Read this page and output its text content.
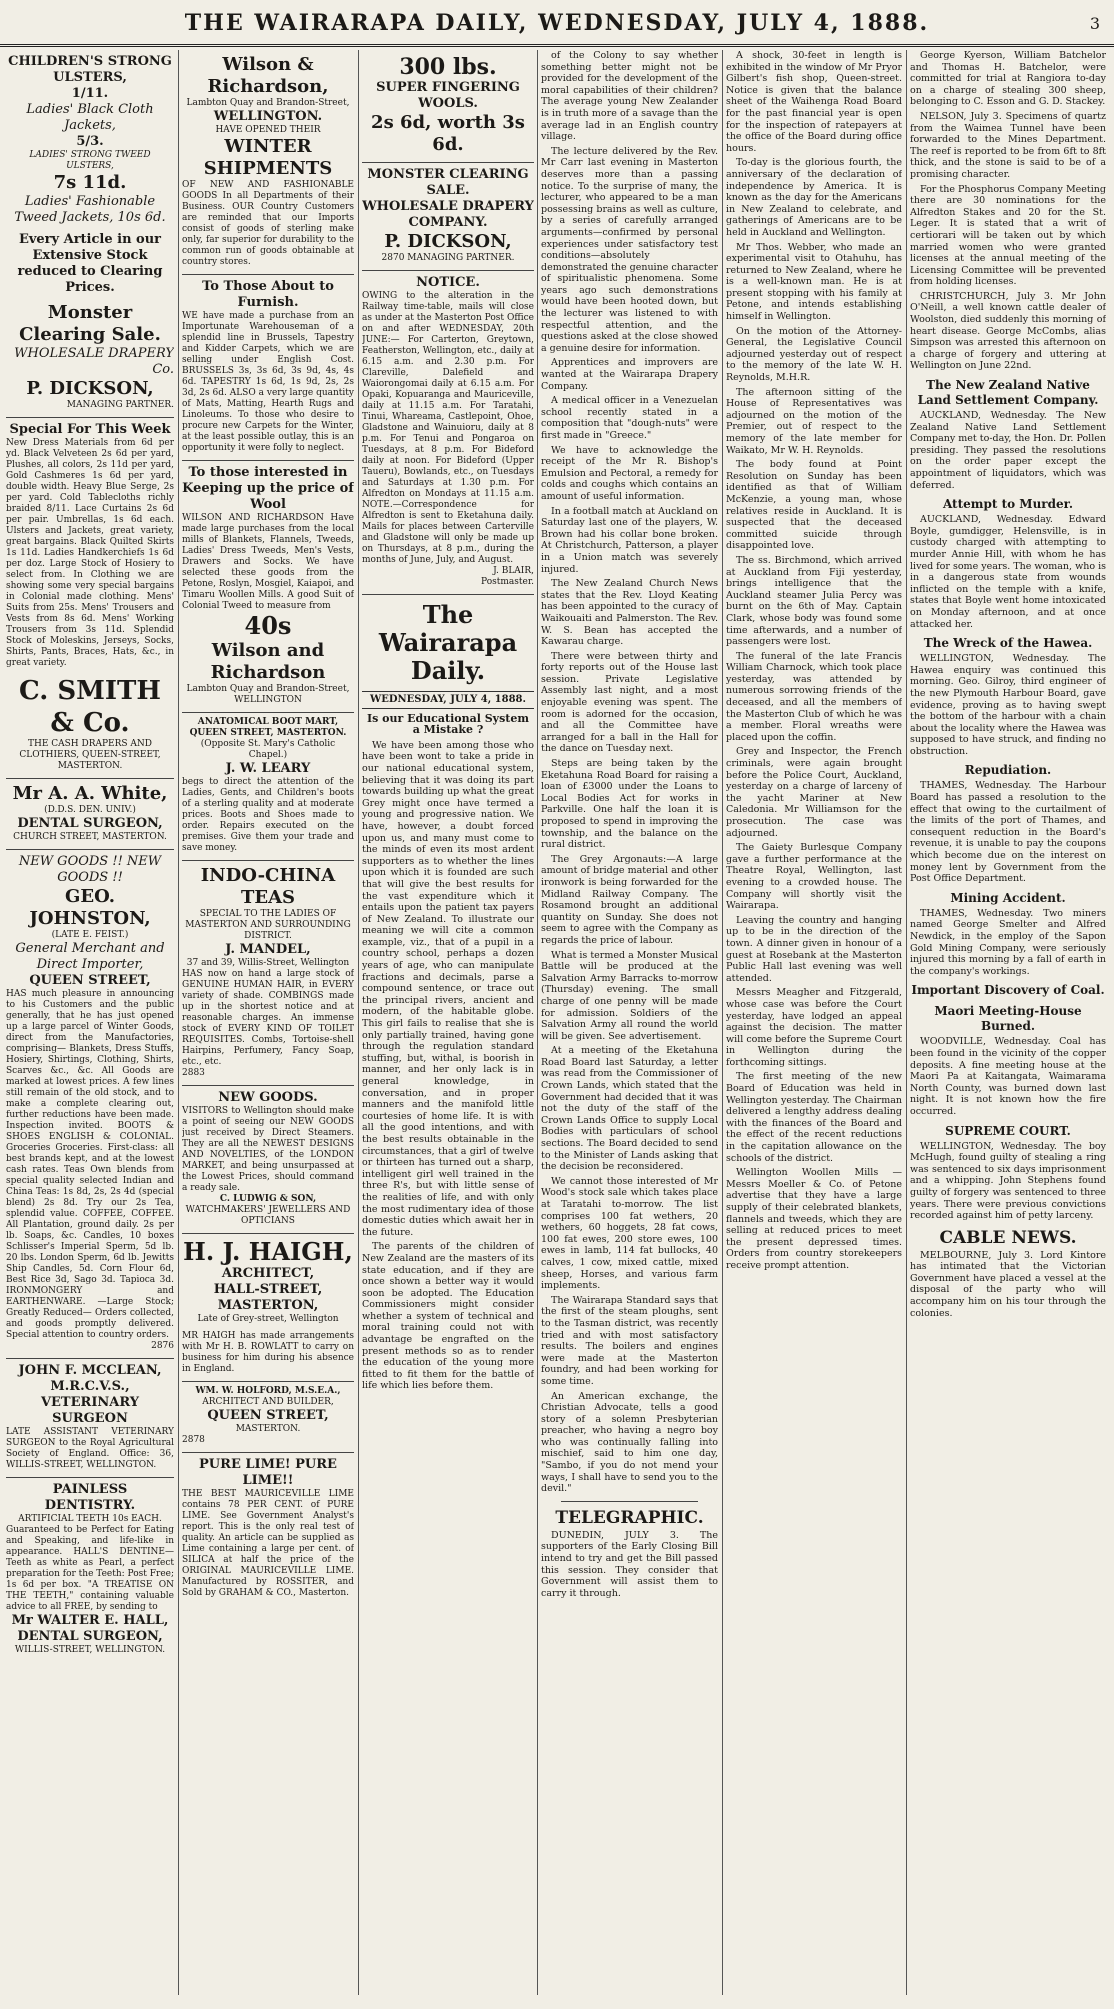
THE WAIRARAPA DAILY, WEDNESDAY, JULY 4, 1888.	3
CHILDREN'S STRONG ULSTERS,
1/11.
Ladies' Black Cloth Jackets,
5/3.
LADIES' STRONG TWEED ULSTERS,
7s 11d.
Ladies' Fashionable Tweed Jackets, 10s 6d.
Every Article in our Extensive Stock reduced to Clearing Prices.
Monster Clearing Sale.
WHOLESALE DRAPERY Co.
P. DICKSON,
MANAGING PARTNER.
Special For This Week
New Dress Materials from 6d per yd. Black Velveteen 2s 6d per yard, Plushes, all colors, 2s 11d per yard, Gold Cashmeres 1s 6d per yard, double width. Heavy Blue Serge, 2s per yard. Cold Tablecloths richly braided 8/11. Lace Curtains 2s 6d per pair. Umbrellas, 1s 6d each. Ulsters and Jackets, great variety, great bargains. Black Quilted Skirts 1s 11d. Ladies Handkerchiefs 1s 6d per doz. Large Stock of Hosiery to select from. In Clothing we are showing some very special bargains in Colonial made clothing. Mens' Suits from 25s. Mens' Trousers and Vests from 8s 6d. Mens' Working Trousers from 3s 11d. Splendid Stock of Moleskins, Jerseys, Socks, Shirts, Pants, Braces, Hats, &c., in great variety.
C. SMITH & Co.
THE CASH DRAPERS AND CLOTHIERS, QUEEN-STREET, MASTERTON.
Mr A. A. White,
(D.D.S. DEN. UNIV.)
DENTAL SURGEON,
CHURCH STREET, MASTERTON.
NEW GOODS !! NEW GOODS !!
GEO. JOHNSTON,
(LATE E. FEIST.)
General Merchant and Direct Importer,
QUEEN STREET,
HAS much pleasure in announcing to his Customers and the public generally, that he has just opened up a large parcel of Winter Goods, direct from the Manufactories, comprising— Blankets, Dress Stuffs, Hosiery, Shirtings, Clothing, Shirts, Scarves &c., &c. All Goods are marked at lowest prices. A few lines still remain of the old stock, and to make a complete clearing out, further reductions have been made. Inspection invited. BOOTS & SHOES ENGLISH & COLONIAL. Groceries Groceries. First-class: all best brands kept, and at the lowest cash rates. Teas Own blends from special quality selected Indian and China Teas: 1s 8d, 2s, 2s 4d (special blend) 2s 8d. Try our 2s Tea, splendid value. COFFEE, COFFEE. All Plantation, ground daily. 2s per lb. Soaps, &c. Candles, 10 boxes Schlisser's Imperial Sperm, 5d lb. 20 lbs. London Sperm, 6d lb. Jewitts Ship Candles, 5d. Corn Flour 6d, Best Rice 3d, Sago 3d. Tapioca 3d. IRONMONGERY and EARTHENWARE. —Large Stock; Greatly Reduced— Orders collected, and goods promptly delivered. Special attention to country orders.
2876
JOHN F. MCCLEAN, M.R.C.V.S.,
VETERINARY SURGEON
LATE ASSISTANT VETERINARY SURGEON to the Royal Agricultural Society of England. Office: 36, WILLIS-STREET, WELLINGTON.
PAINLESS DENTISTRY.
ARTIFICIAL TEETH 10s EACH.
Guaranteed to be Perfect for Eating and Speaking, and life-like in appearance. HALL'S DENTINE—Teeth as white as Pearl, a perfect preparation for the Teeth: Post Free; 1s 6d per box. "A TREATISE ON THE TEETH," containing valuable advice to all FREE, by sending to
Mr WALTER E. HALL,
DENTAL SURGEON,
WILLIS-STREET, WELLINGTON.
Wilson & Richardson,
Lambton Quay and Brandon-Street,
WELLINGTON.
HAVE OPENED THEIR
WINTER SHIPMENTS
OF NEW AND FASHIONABLE GOODS In all Departments of their Business. OUR Country Customers are reminded that our Imports consist of goods of sterling make only, far superior for durability to the common run of goods obtainable at country stores.
To Those About to Furnish.
WE have made a purchase from an Importunate Warehouseman of a splendid line in Brussels, Tapestry and Kidder Carpets, which we are selling under English Cost. BRUSSELS 3s, 3s 6d, 3s 9d, 4s, 4s 6d. TAPESTRY 1s 6d, 1s 9d, 2s, 2s 3d, 2s 6d. ALSO a very large quantity of Mats, Matting, Hearth Rugs and Linoleums. To those who desire to procure new Carpets for the Winter, at the least possible outlay, this is an opportunity it were folly to neglect.
To those interested in Keeping up the price of Wool
WILSON AND RICHARDSON Have made large purchases from the local mills of Blankets, Flannels, Tweeds, Ladies' Dress Tweeds, Men's Vests, Drawers and Socks. We have selected these goods from the Petone, Roslyn, Mosgiel, Kaiapoi, and Timaru Woollen Mills. A good Suit of Colonial Tweed to measure from
40s
Wilson and Richardson
Lambton Quay and Brandon-Street,
WELLINGTON
ANATOMICAL BOOT MART, QUEEN STREET, MASTERTON.
(Opposite St. Mary's Catholic Chapel.)
J. W. LEARY
begs to direct the attention of the Ladies, Gents, and Children's boots of a sterling quality and at moderate prices. Boots and Shoes made to order. Repairs executed on the premises. Give them your trade and save money.
INDO-CHINA TEAS
SPECIAL TO THE LADIES OF MASTERTON AND SURROUNDING DISTRICT.
J. MANDEL,
37 and 39, Willis-Street, Wellington
HAS now on hand a large stock of GENUINE HUMAN HAIR, in EVERY variety of shade. COMBINGS made up in the shortest notice and at reasonable charges. An immense stock of EVERY KIND OF TOILET REQUISITES. Combs, Tortoise-shell Hairpins, Perfumery, Fancy Soap, etc., etc.
2883
NEW GOODS.
VISITORS to Wellington should make a point of seeing our NEW GOODS just received by Direct Steamers. They are all the NEWEST DESIGNS AND NOVELTIES, of the LONDON MARKET, and being unsurpassed at the Lowest Prices, should command a ready sale.
C. LUDWIG & SON,
WATCHMAKERS' JEWELLERS AND OPTICIANS
H. J. HAIGH,
ARCHITECT,
HALL-STREET, MASTERTON,
Late of Grey-street, Wellington
MR HAIGH has made arrangements with Mr H. B. ROWLATT to carry on business for him during his absence in England.
WM. W. HOLFORD, M.S.E.A.,
ARCHITECT AND BUILDER,
QUEEN STREET,
MASTERTON.
2878
PURE LIME! PURE LIME!!
THE BEST MAURICEVILLE LIME contains 78 PER CENT. of PURE LIME. See Government Analyst's report. This is the only real test of quality. An article can be supplied as Lime containing a large per cent. of SILICA at half the price of the ORIGINAL MAURICEVILLE LIME. Manufactured by ROSSITER, and Sold by GRAHAM & CO., Masterton.
300 lbs.
SUPER FINGERING WOOLS.
2s 6d, worth 3s 6d.
MONSTER CLEARING SALE.
WHOLESALE DRAPERY COMPANY.
P. DICKSON,
2870 MANAGING PARTNER.
NOTICE.
OWING to the alteration in the Railway time-table, mails will close as under at the Masterton Post Office on and after WEDNESDAY, 20th JUNE:— For Carterton, Greytown, Featherston, Wellington, etc., daily at 6.15 a.m. and 2.30 p.m. For Clareville, Dalefield and Waiorongomai daily at 6.15 a.m. For Opaki, Kopuaranga and Mauriceville, daily at 11.15 a.m. For Taratahi, Tinui, Whareama, Castlepoint, Ohoe, Gladstone and Wainuioru, daily at 8 p.m. For Tenui and Pongaroa on Tuesdays, at 8 p.m. For Bideford daily at noon. For Bideford (Upper Taueru), Bowlands, etc., on Tuesdays and Saturdays at 1.30 p.m. For Alfredton on Mondays at 11.15 a.m. NOTE.—Correspondence for Alfredton is sent to Eketahuna daily. Mails for places between Carterville and Gladstone will only be made up on Thursdays, at 8 p.m., during the months of June, July, and August.
J. BLAIR,
Postmaster.
The Wairarapa Daily.
WEDNESDAY, JULY 4, 1888.
Is our Educational System a Mistake ?
We have been among those who have been wont to take a pride in our national educational system, believing that it was doing its part towards building up what the great Grey might once have termed a young and progressive nation. We have, however, a doubt forced upon us, and many must come to the minds of even its most ardent supporters as to whether the lines upon which it is founded are such that will give the best results for the vast expenditure which it entails upon the patient tax payers of New Zealand. To illustrate our meaning we will cite a common example, viz., that of a pupil in a country school, perhaps a dozen years of age, who can manipulate fractions and decimals, parse a compound sentence, or trace out the principal rivers, ancient and modern, of the habitable globe. This girl fails to realise that she is only partially trained, having gone through the regulation standard stuffing, but, withal, is boorish in manner, and her only lack is in general knowledge, in conversation, and in proper manners and the manifold little courtesies of home life. It is with all the good intentions, and with the best results obtainable in the circumstances, that a girl of twelve or thirteen has turned out a sharp, intelligent girl well trained in the three R's, but with little sense of the realities of life, and with only the most rudimentary idea of those domestic duties which await her in the future.
The parents of the children of New Zealand are the masters of its state education, and if they are once shown a better way it would soon be adopted. The Education Commissioners might consider whether a system of technical and moral training could not with advantage be engrafted on the present methods so as to render the education of the young more fitted to fit them for the battle of life which lies before them.
of the Colony to say whether something better might not be provided for the development of the moral capabilities of their children? The average young New Zealander is in truth more of a savage than the average lad in an English country village.
The lecture delivered by the Rev. Mr Carr last evening in Masterton deserves more than a passing notice. To the surprise of many, the lecturer, who appeared to be a man possessing brains as well as culture, by a series of carefully arranged arguments—confirmed by personal experiences under satisfactory test conditions—absolutely demonstrated the genuine character of spiritualistic phenomena. Some years ago such demonstrations would have been hooted down, but the lecturer was listened to with respectful attention, and the questions asked at the close showed a genuine desire for information.
Apprentices and improvers are wanted at the Wairarapa Drapery Company.
A medical officer in a Venezuelan school recently stated in a composition that "dough-nuts" were first made in "Greece."
We have to acknowledge the receipt of the Mr R. Bishop's Emulsion and Pectoral, a remedy for colds and coughs which contains an amount of useful information.
In a football match at Auckland on Saturday last one of the players, W. Brown had his collar bone broken. At Christchurch, Patterson, a player in a Union match was severely injured.
The New Zealand Church News states that the Rev. Lloyd Keating has been appointed to the curacy of Waikouaiti and Palmerston. The Rev. W. S. Bean has accepted the Kawarau charge.
There were between thirty and forty reports out of the House last session. Private Legislative Assembly last night, and a most enjoyable evening was spent. The room is adorned for the occasion, and all the Committee have arranged for a ball in the Hall for the dance on Tuesday next.
Steps are being taken by the Eketahuna Road Board for raising a loan of £3000 under the Loans to Local Bodies Act for works in Parkville. One half the loan it is proposed to spend in improving the township, and the balance on the rural district.
The Grey Argonauts:—A large amount of bridge material and other ironwork is being forwarded for the Midland Railway Company. The Rosamond brought an additional quantity on Sunday. She does not seem to agree with the Company as regards the price of labour.
What is termed a Monster Musical Battle will be produced at the Salvation Army Barracks to-morrow (Thursday) evening. The small charge of one penny will be made for admission. Soldiers of the Salvation Army all round the world will be given. See advertisement.
At a meeting of the Eketahuna Road Board last Saturday, a letter was read from the Commissioner of Crown Lands, which stated that the Government had decided that it was not the duty of the staff of the Crown Lands Office to supply Local Bodies with particulars of school sections. The Board decided to send to the Minister of Lands asking that the decision be reconsidered.
We cannot those interested of Mr Wood's stock sale which takes place at Taratahi to-morrow. The list comprises 100 fat wethers, 20 wethers, 60 hoggets, 28 fat cows, 100 fat ewes, 200 store ewes, 100 ewes in lamb, 114 fat bullocks, 40 calves, 1 cow, mixed cattle, mixed sheep, Horses, and various farm implements.
The Wairarapa Standard says that the first of the steam ploughs, sent to the Tasman district, was recently tried and with most satisfactory results. The boilers and engines were made at the Masterton foundry, and had been working for some time.
An American exchange, the Christian Advocate, tells a good story of a solemn Presbyterian preacher, who having a negro boy who was continually falling into mischief, said to him one day, "Sambo, if you do not mend your ways, I shall have to send you to the devil."
TELEGRAPHIC.
DUNEDIN, JULY 3. The supporters of the Early Closing Bill intend to try and get the Bill passed this session. They consider that Government will assist them to carry it through.
A shock, 30-feet in length is exhibited in the window of Mr Pryor Gilbert's fish shop, Queen-street. Notice is given that the balance sheet of the Waihenga Road Board for the past financial year is open for the inspection of ratepayers at the office of the Board during office hours.
To-day is the glorious fourth, the anniversary of the declaration of independence by America. It is known as the day for the Americans in New Zealand to celebrate, and gatherings of Americans are to be held in Auckland and Wellington.
Mr Thos. Webber, who made an experimental visit to Otahuhu, has returned to New Zealand, where he is a well-known man. He is at present stopping with his family at Petone, and intends establishing himself in Wellington.
On the motion of the Attorney-General, the Legislative Council adjourned yesterday out of respect to the memory of the late W. H. Reynolds, M.H.R.
The afternoon sitting of the House of Representatives was adjourned on the motion of the Premier, out of respect to the memory of the late member for Waikato, Mr W. H. Reynolds.
The body found at Point Resolution on Sunday has been identified as that of William McKenzie, a young man, whose relatives reside in Auckland. It is suspected that the deceased committed suicide through disappointed love.
The ss. Birchmond, which arrived at Auckland from Fiji yesterday, brings intelligence that the Auckland steamer Julia Percy was burnt on the 6th of May. Captain Clark, whose body was found some time afterwards, and a number of passengers were lost.
The funeral of the late Francis William Charnock, which took place yesterday, was attended by numerous sorrowing friends of the deceased, and all the members of the Masterton Club of which he was a member. Floral wreaths were placed upon the coffin.
Grey and Inspector, the French criminals, were again brought before the Police Court, Auckland, yesterday on a charge of larceny of the yacht Mariner at New Caledonia. Mr Williamson for the prosecution. The case was adjourned.
The Gaiety Burlesque Company gave a further performance at the Theatre Royal, Wellington, last evening to a crowded house. The Company will shortly visit the Wairarapa.
Leaving the country and hanging up to be in the direction of the town. A dinner given in honour of a guest at Rosebank at the Masterton Public Hall last evening was well attended.
Messrs Meagher and Fitzgerald, whose case was before the Court yesterday, have lodged an appeal against the decision. The matter will come before the Supreme Court in Wellington during the forthcoming sittings.
The first meeting of the new Board of Education was held in Wellington yesterday. The Chairman delivered a lengthy address dealing with the finances of the Board and the effect of the recent reductions in the capitation allowance on the schools of the district.
Wellington Woollen Mills — Messrs Moeller & Co. of Petone advertise that they have a large supply of their celebrated blankets, flannels and tweeds, which they are selling at reduced prices to meet the present depressed times. Orders from country storekeepers receive prompt attention.
George Kyerson, William Batchelor and Thomas H. Batchelor, were committed for trial at Rangiora to-day on a charge of stealing 300 sheep, belonging to C. Esson and G. D. Stackey.
NELSON, July 3. Specimens of quartz from the Waimea Tunnel have been forwarded to the Mines Department. The reef is reported to be from 6ft to 8ft thick, and the stone is said to be of a promising character.
For the Phosphorus Company Meeting there are 30 nominations for the Alfredton Stakes and 20 for the St. Leger. It is stated that a writ of certiorari will be taken out by which married women who were granted licenses at the annual meeting of the Licensing Committee will be prevented from holding licenses.
CHRISTCHURCH, July 3. Mr John O'Neill, a well known cattle dealer of Woolston, died suddenly this morning of heart disease. George McCombs, alias Simpson was arrested this afternoon on a charge of forgery and uttering at Wellington on June 22nd.
The New Zealand Native Land Settlement Company.
AUCKLAND, Wednesday. The New Zealand Native Land Settlement Company met to-day, the Hon. Dr. Pollen presiding. They passed the resolutions on the order paper except the appointment of liquidators, which was deferred.
Attempt to Murder.
AUCKLAND, Wednesday. Edward Boyle, gumdigger, Helensville, is in custody charged with attempting to murder Annie Hill, with whom he has lived for some years. The woman, who is in a dangerous state from wounds inflicted on the temple with a knife, states that Boyle went home intoxicated on Monday afternoon, and at once attacked her.
The Wreck of the Hawea.
WELLINGTON, Wednesday. The Hawea enquiry was continued this morning. Geo. Gilroy, third engineer of the new Plymouth Harbour Board, gave evidence, proving as to having swept the bottom of the harbour with a chain about the locality where the Hawea was supposed to have struck, and finding no obstruction.
Repudiation.
THAMES, Wednesday. The Harbour Board has passed a resolution to the effect that owing to the curtailment of the limits of the port of Thames, and consequent reduction in the Board's revenue, it is unable to pay the coupons which become due on the interest on money lent by Government from the Post Office Department.
Mining Accident.
THAMES, Wednesday. Two miners named George Smelter and Alfred Newdick, in the employ of the Sapon Gold Mining Company, were seriously injured this morning by a fall of earth in the company's workings.
Important Discovery of Coal.
Maori Meeting-House Burned.
WOODVILLE, Wednesday. Coal has been found in the vicinity of the copper deposits. A fine meeting house at the Maori Pa at Kaitangata, Waimarama North County, was burned down last night. It is not known how the fire occurred.
SUPREME COURT.
WELLINGTON, Wednesday. The boy McHugh, found guilty of stealing a ring was sentenced to six days imprisonment and a whipping. John Stephens found guilty of forgery was sentenced to three years. There were previous convictions recorded against him of petty larceny.
CABLE NEWS.
MELBOURNE, July 3. Lord Kintore has intimated that the Victorian Government have placed a vessel at the disposal of the party who will accompany him on his tour through the colonies.
